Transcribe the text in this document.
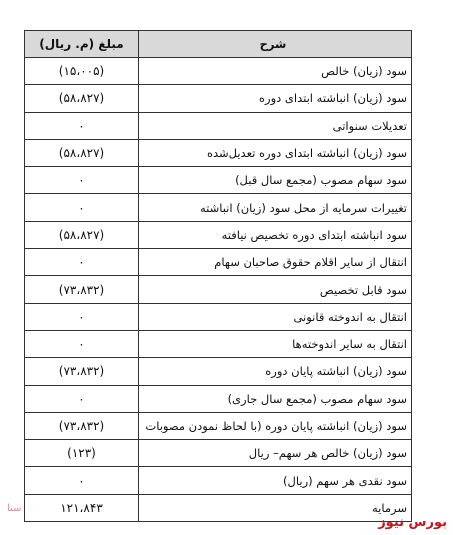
شرح	مبلغ (م. ریال)
سود (زیان) خالص	(۱۵،۰۰۵)
سود (زیان) انباشته ابتدای دوره	(۵۸،۸۲۷)
تعدیلات سنواتی	۰
سود (زیان) انباشته ابتدای دوره تعدیل‌شده	(۵۸،۸۲۷)
سود سهام مصوب (مجمع سال قبل)	۰
تغییرات سرمایه از محل سود (زیان) انباشته	۰
سود انباشته ابتدای دوره تخصیص نیافته	(۵۸،۸۲۷)
انتقال از سایر اقلام حقوق صاحبان سهام	۰
سود قابل تخصیص	(۷۳،۸۳۲)
انتقال به اندوخته قانونی	۰
انتقال به سایر اندوخته‌ها	۰
سود (زیان) انباشته پایان دوره	(۷۳،۸۳۲)
سود سهام مصوب (مجمع سال جاری)	۰
سود (زیان) انباشته پایان دوره (با لحاظ نمودن مصوبات	(۷۳،۸۳۲)
سود (زیان) خالص هر سهم– ریال	(۱۲۳)
سود نقدی هر سهم (ریال)	۰
سرمایه	۱۲۱،۸۴۳
سنا
بورس نیوز
